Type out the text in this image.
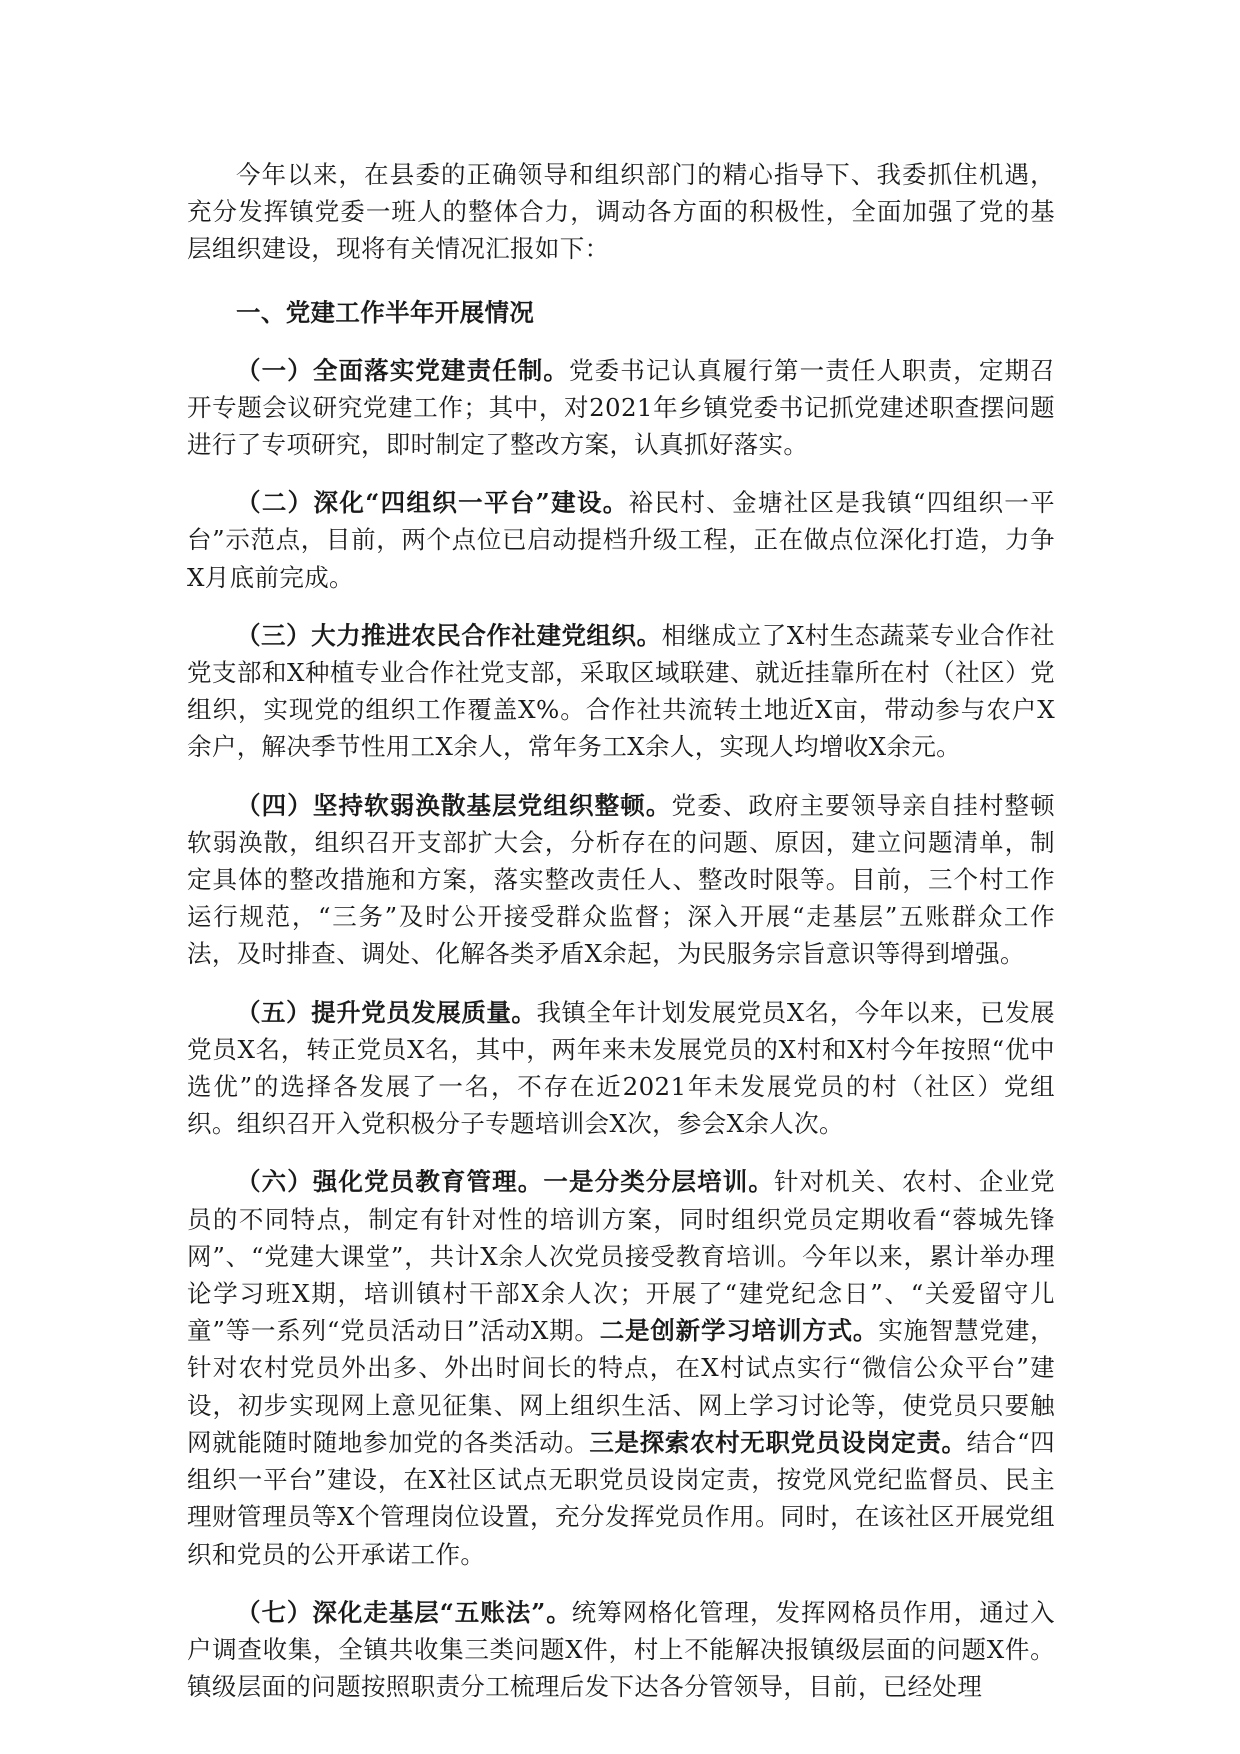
今年以来，在县委的正确领导和组织部门的精心指导下、我委抓住机遇，充分发挥镇党委一班人的整体合力，调动各方面的积极性，全面加强了党的基层组织建设，现将有关情况汇报如下：

一、党建工作半年开展情况

（一）全面落实党建责任制。党委书记认真履行第一责任人职责，定期召开专题会议研究党建工作；其中，对2021年乡镇党委书记抓党建述职查摆问题进行了专项研究，即时制定了整改方案，认真抓好落实。

（二）深化“四组织一平台”建设。裕民村、金塘社区是我镇“四组织一平台”示范点，目前，两个点位已启动提档升级工程，正在做点位深化打造，力争X月底前完成。

（三）大力推进农民合作社建党组织。相继成立了X村生态蔬菜专业合作社党支部和X种植专业合作社党支部，采取区域联建、就近挂靠所在村（社区）党组织，实现党的组织工作覆盖X%。合作社共流转土地近X亩，带动参与农户X余户，解决季节性用工X余人，常年务工X余人，实现人均增收X余元。

（四）坚持软弱涣散基层党组织整顿。党委、政府主要领导亲自挂村整顿软弱涣散，组织召开支部扩大会，分析存在的问题、原因，建立问题清单，制定具体的整改措施和方案，落实整改责任人、整改时限等。目前，三个村工作运行规范，“三务”及时公开接受群众监督；深入开展“走基层”五账群众工作法，及时排查、调处、化解各类矛盾X余起，为民服务宗旨意识等得到增强。

（五）提升党员发展质量。我镇全年计划发展党员X名，今年以来，已发展党员X名，转正党员X名，其中，两年来未发展党员的X村和X村今年按照“优中选优”的选择各发展了一名，不存在近2021年未发展党员的村（社区）党组织。组织召开入党积极分子专题培训会X次，参会X余人次。

（六）强化党员教育管理。一是分类分层培训。针对机关、农村、企业党员的不同特点，制定有针对性的培训方案，同时组织党员定期收看“蓉城先锋网”、“党建大课堂”，共计X余人次党员接受教育培训。今年以来，累计举办理论学习班X期，培训镇村干部X余人次；开展了“建党纪念日”、“关爱留守儿童”等一系列“党员活动日”活动X期。二是创新学习培训方式。实施智慧党建，针对农村党员外出多、外出时间长的特点，在X村试点实行“微信公众平台”建设，初步实现网上意见征集、网上组织生活、网上学习讨论等，使党员只要触网就能随时随地参加党的各类活动。三是探索农村无职党员设岗定责。结合“四组织一平台”建设，在X社区试点无职党员设岗定责，按党风党纪监督员、民主理财管理员等X个管理岗位设置，充分发挥党员作用。同时，在该社区开展党组织和党员的公开承诺工作。

（七）深化走基层“五账法”。统筹网格化管理，发挥网格员作用，通过入户调查收集，全镇共收集三类问题X件，村上不能解决报镇级层面的问题X件。镇级层面的问题按照职责分工梳理后发下达各分管领导，目前，已经处理
